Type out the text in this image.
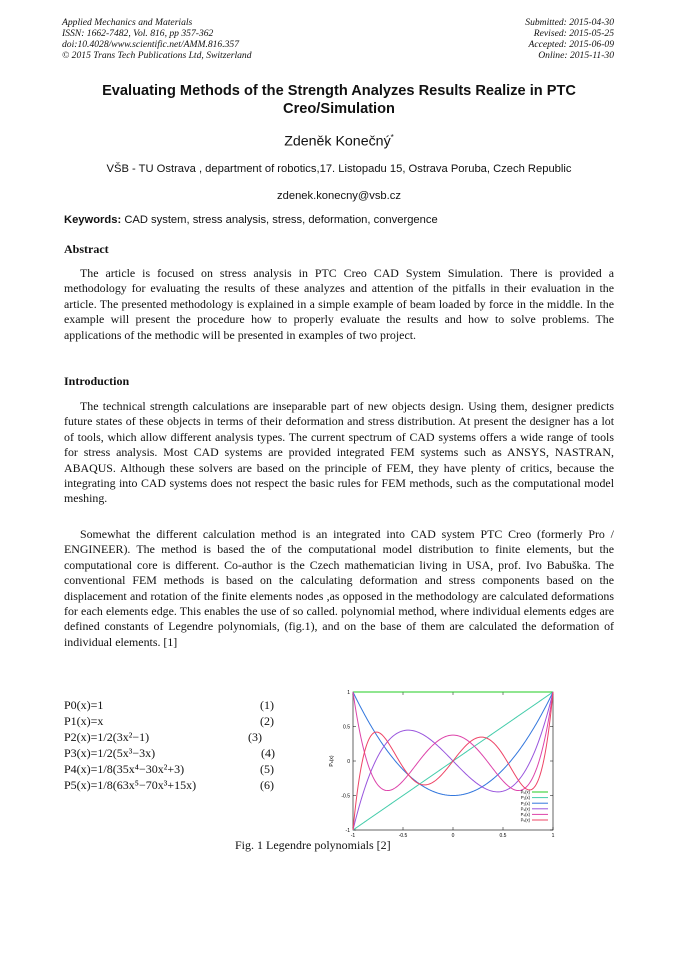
Applied Mechanics and Materials
ISSN: 1662-7482, Vol. 816, pp 357-362
doi:10.4028/www.scientific.net/AMM.816.357
© 2015 Trans Tech Publications Ltd, Switzerland
Submitted: 2015-04-30
Revised: 2015-05-25
Accepted: 2015-06-09
Online: 2015-11-30
Evaluating Methods of the Strength Analyzes Results Realize in PTC Creo/Simulation
Zdeněk Konečný*
VŠB - TU Ostrava , department of robotics,17. Listopadu 15, Ostrava Poruba, Czech Republic
zdenek.konecny@vsb.cz
Keywords: CAD system, stress analysis, stress, deformation, convergence
Abstract

The article is focused on stress analysis in PTC Creo CAD System Simulation. There is provided a methodology for evaluating the results of these analyzes and attention of the pitfalls in their evaluation in the article. The presented methodology is explained in a simple example of beam loaded by force in the middle. In the example will present the procedure how to properly evaluate the results and how to solve problems. The applications of the methodic will be presented in examples of two project.

Introduction

The technical strength calculations are inseparable part of new objects design. Using them, designer predicts future states of these objects in terms of their deformation and stress distribution. At present the designer has a lot of tools, which allow different analysis types. The current spectrum of CAD systems offers a wide range of tools for stress analysis. Most CAD systems are provided integrated FEM systems such as ANSYS, NASTRAN, ABAQUS. Although these solvers are based on the principle of FEM, they have plenty of critics, because the integrating into CAD systems does not respect the basic rules for FEM methods, such as the computational model meshing.

Somewhat the different calculation method is an integrated into CAD system PTC Creo (formerly Pro / ENGINEER). The method is based the of the computational model distribution to finite elements, but the computational core is different. Co-author is the Czech mathematician living in USA, prof. Ivo Babuška. The conventional FEM methods is based on the calculating deformation and stress components based on the displacement and rotation of the finite elements nodes ,as opposed in the methodology are calculated deformations for each elements edge. This enables the use of so called. polynomial method, where individual elements edges are defined constants of Legendre polynomials, (fig.1), and on the base of them are calculated the deformation of individual elements. [1]

P0(x)=1	(1)
P1(x)=x	(2)
P2(x)=1/2(3x²−1)	(3)
P3(x)=1/2(5x³−3x)	(4)
P4(x)=1/8(35x⁴−30x²+3)	(5)
P5(x)=1/8(63x⁵−70x³+15x)	(6)
-1	-0.5	0	0.5	1
1
0.5
0
-0.5
-1
Pₙ(x)
P₀(x)
P₁(x)
P₂(x)
P₃(x)
P₄(x)
P₅(x)
Fig. 1 Legendre polynomials [2]
